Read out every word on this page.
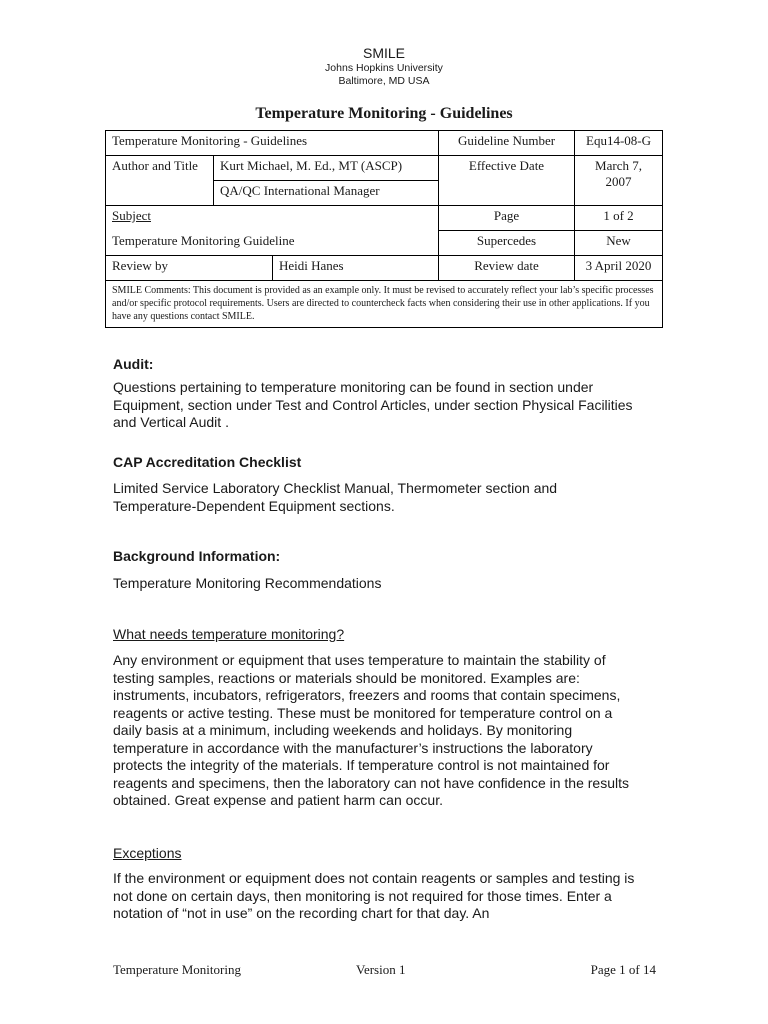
SMILE
Johns Hopkins University
Baltimore, MD USA
Temperature Monitoring - Guidelines
Temperature Monitoring - Guidelines			Guideline Number	Equ14-08-G
Author and Title	Kurt Michael, M. Ed., MT (ASCP)		Effective Date	March 7, 2007
	QA/QC International Manager			
Subject			Page	1 of 2
Temperature Monitoring Guideline			Supercedes	New
Review by		Heidi Hanes	Review date	3 April 2020
SMILE Comments: This document is provided as an example only. It must be revised to accurately reflect your lab’s specific processes and/or specific protocol requirements. Users are directed to countercheck facts when considering their use in other applications. If you have any questions contact SMILE.				
Audit:
Questions pertaining to temperature monitoring can be found in section under Equipment, section under Test and Control Articles, under section Physical Facilities and Vertical Audit .
CAP Accreditation Checklist
Limited Service Laboratory Checklist Manual, Thermometer section and Temperature-Dependent Equipment sections.
Background Information:
Temperature Monitoring Recommendations
What needs temperature monitoring?
Any environment or equipment that uses temperature to maintain the stability of testing samples, reactions or materials should be monitored. Examples are: instruments, incubators, refrigerators, freezers and rooms that contain specimens, reagents or active testing. These must be monitored for temperature control on a daily basis at a minimum, including weekends and holidays. By monitoring temperature in accordance with the manufacturer’s instructions the laboratory protects the integrity of the materials. If temperature control is not maintained for reagents and specimens, then the laboratory can not have confidence in the results obtained. Great expense and patient harm can occur.
Exceptions
If the environment or equipment does not contain reagents or samples and testing is not done on certain days, then monitoring is not required for those times. Enter a notation of “not in use” on the recording chart for that day. An
Temperature Monitoring	Version 1	Page 1 of 14
